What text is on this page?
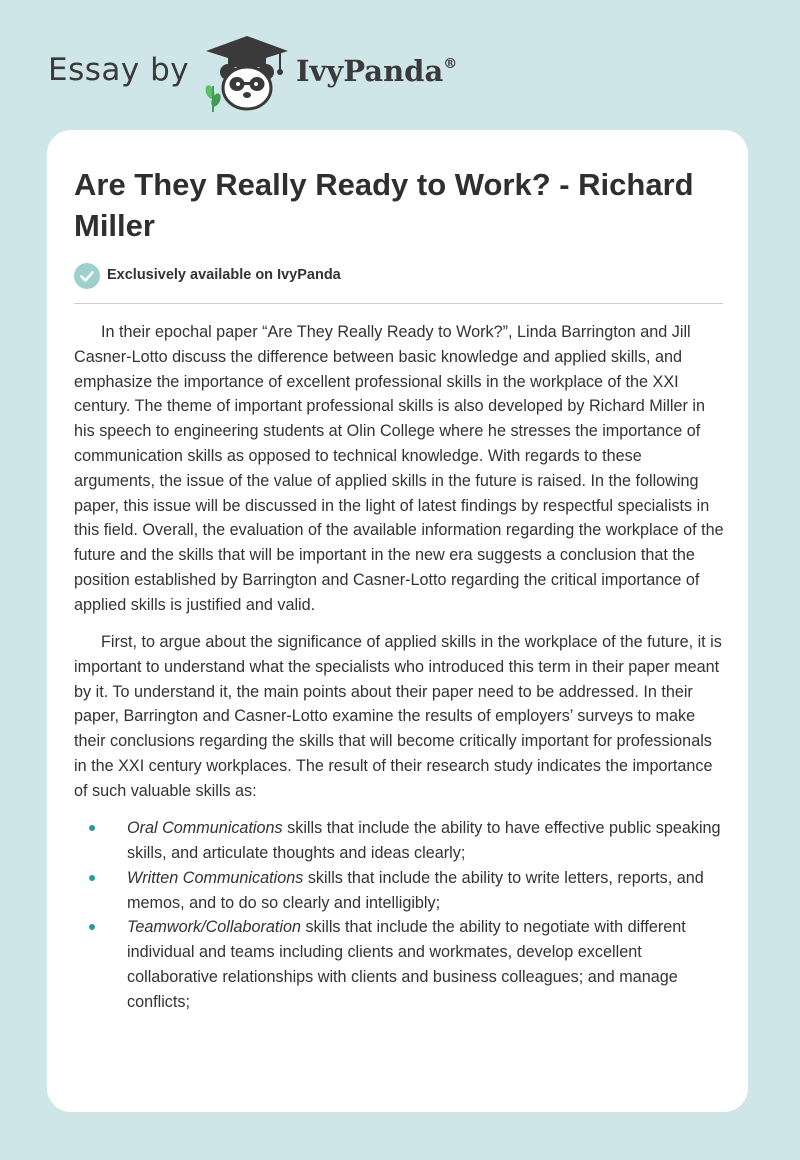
Essay by	IvyPanda®
Are They Really Ready to Work? - Richard Miller
Exclusively available on IvyPanda

In their epochal paper “Are They Really Ready to Work?”, Linda Barrington and Jill Casner-Lotto discuss the difference between basic knowledge and applied skills, and emphasize the importance of excellent professional skills in the workplace of the XXI century. The theme of important professional skills is also developed by Richard Miller in his speech to engineering students at Olin College where he stresses the importance of communication skills as opposed to technical knowledge. With regards to these arguments, the issue of the value of applied skills in the future is raised. In the following paper, this issue will be discussed in the light of latest findings by respectful specialists in this field. Overall, the evaluation of the available information regarding the workplace of the future and the skills that will be important in the new era suggests a conclusion that the position established by Barrington and Casner-Lotto regarding the critical importance of applied skills is justified and valid.

First, to argue about the significance of applied skills in the workplace of the future, it is important to understand what the specialists who introduced this term in their paper meant by it. To understand it, the main points about their paper need to be addressed. In their paper, Barrington and Casner-Lotto examine the results of employers’ surveys to make their conclusions regarding the skills that will become critically important for professionals in the XXI century workplaces. The result of their research study indicates the importance of such valuable skills as:

Oral Communications skills that include the ability to have effective public speaking skills, and articulate thoughts and ideas clearly;
Written Communications skills that include the ability to write letters, reports, and memos, and to do so clearly and intelligibly;
Teamwork/Collaboration skills that include the ability to negotiate with different individual and teams including clients and workmates, develop excellent collaborative relationships with clients and business colleagues; and manage conflicts;
